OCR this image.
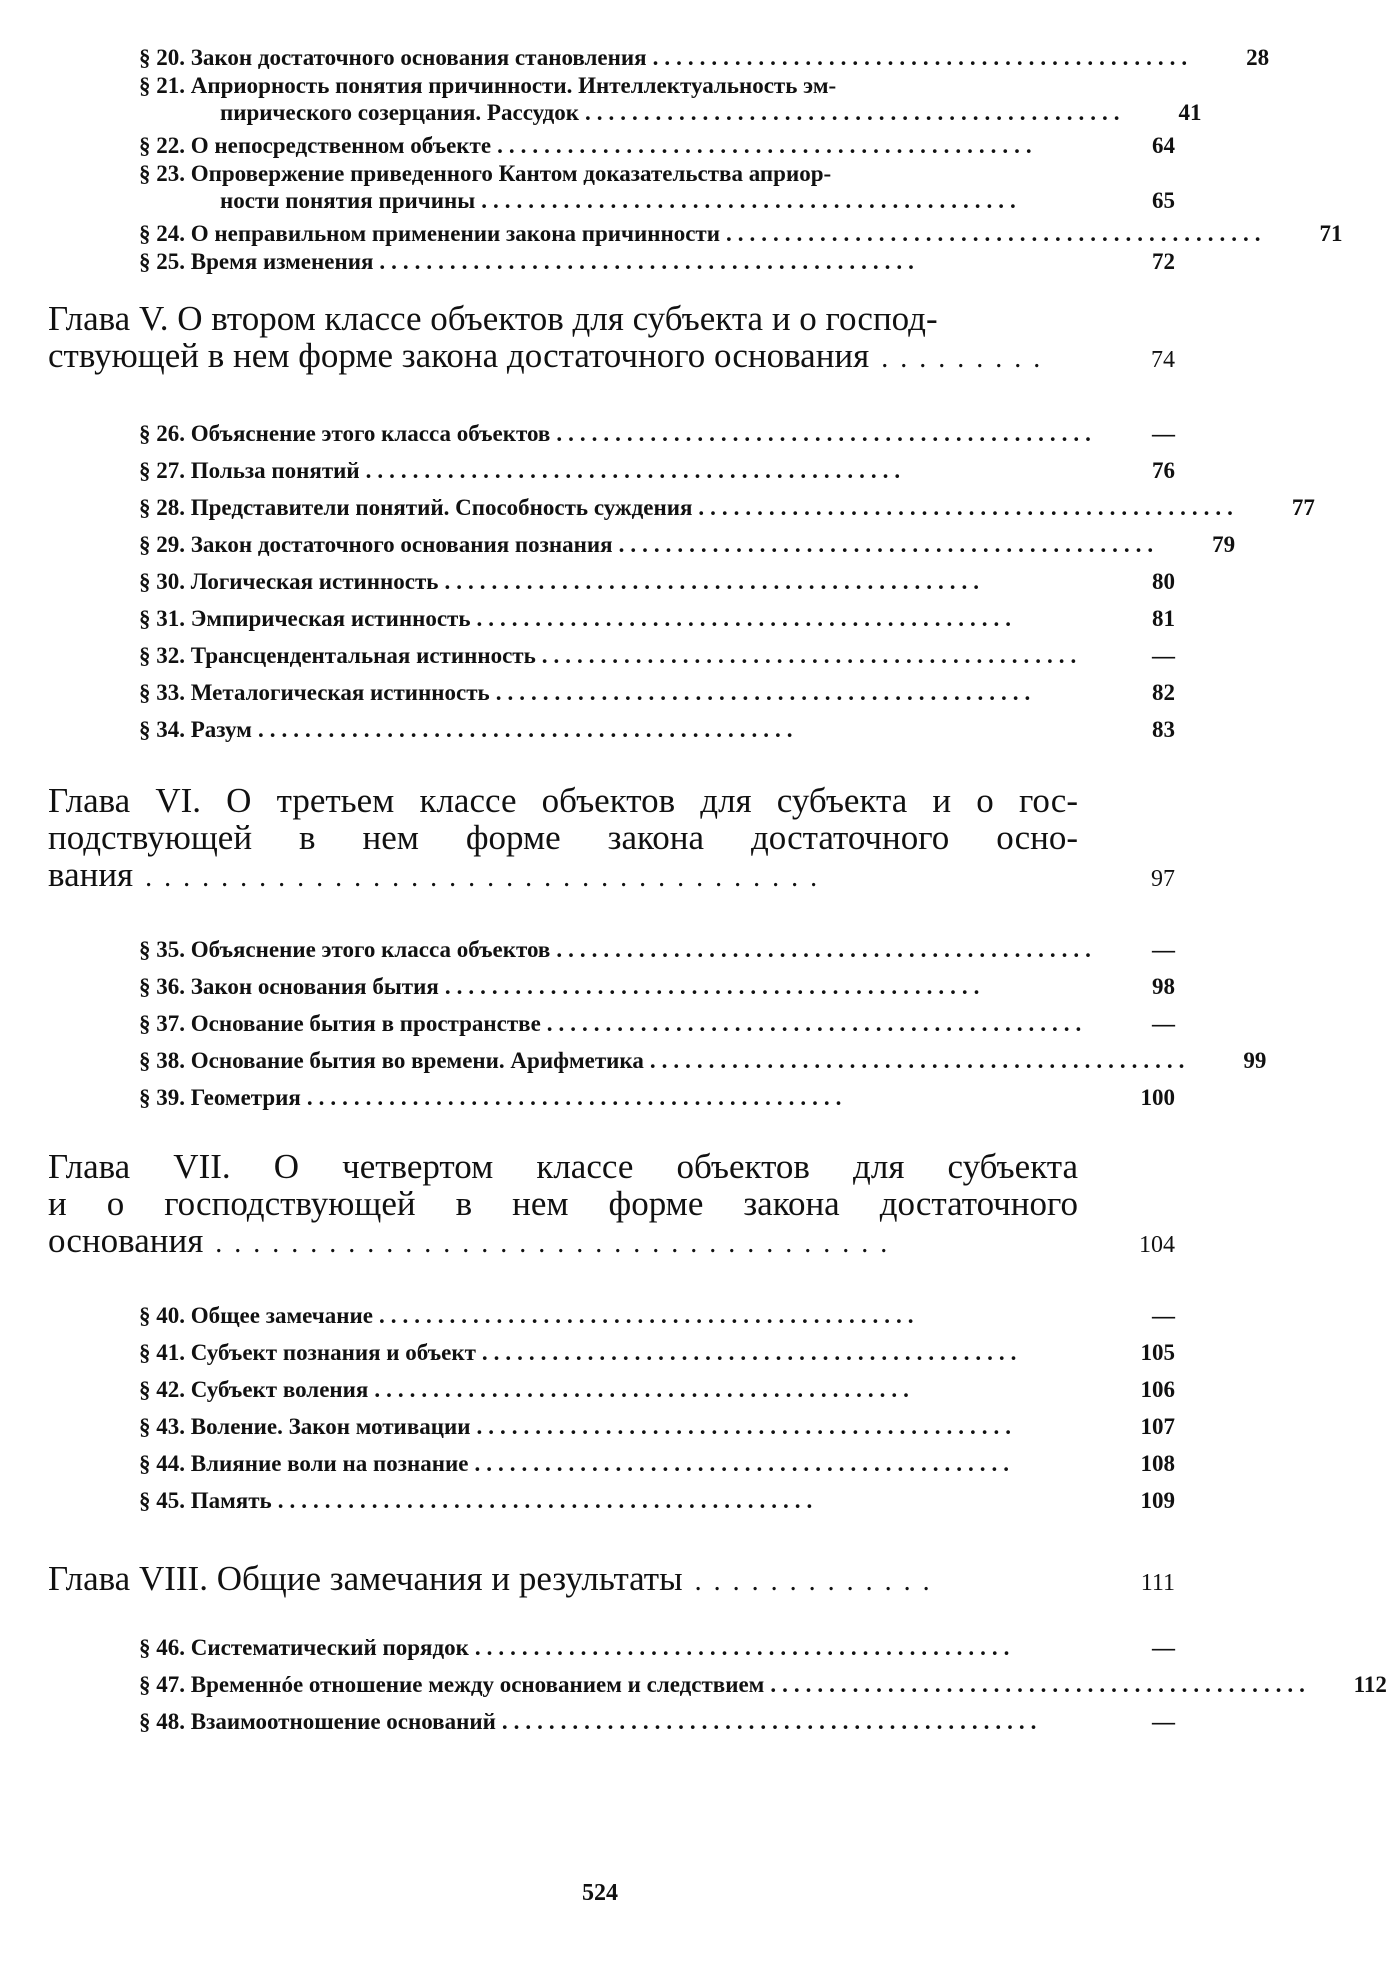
§ 20. Закон достаточного основания становления ..............................................	28
§ 21. Априорность понятия причинности. Интеллектуальность эм-
пирического созерцания. Рассудок ..............................................	41
§ 22. О непосредственном объекте ..............................................	64
§ 23. Опровержение приведенного Кантом доказательства априор-
ности понятия причины ..............................................	65
§ 24. О неправильном применении закона причинности ..............................................	71
§ 25. Время изменения ..............................................	72
Глава V. О втором классе объектов для субъекта и о господ-
ствующей в нем форме закона достаточного основания .........	74
§ 26. Объяснение этого класса объектов ..............................................	—
§ 27. Польза понятий ..............................................	76
§ 28. Представители понятий. Способность суждения ..............................................	77
§ 29. Закон достаточного основания познания ..............................................	79
§ 30. Логическая истинность ..............................................	80
§ 31. Эмпирическая истинность ..............................................	81
§ 32. Трансцендентальная истинность ..............................................	—
§ 33. Металогическая истинность ..............................................	82
§ 34. Разум ..............................................	83
Глава VI. О третьем классе объектов для субъекта и о гос-
подствующей в нем форме закона достаточного осно-
вания ....................................	97
§ 35. Объяснение этого класса объектов ..............................................	—
§ 36. Закон основания бытия ..............................................	98
§ 37. Основание бытия в пространстве ..............................................	—
§ 38. Основание бытия во времени. Арифметика ..............................................	99
§ 39. Геометрия ..............................................	100
Глава VII. О четвертом классе объектов для субъекта
и о господствующей в нем форме закона достаточного
основания ....................................	104
§ 40. Общее замечание ..............................................	—
§ 41. Субъект познания и объект ..............................................	105
§ 42. Субъект воления ..............................................	106
§ 43. Воление. Закон мотивации ..............................................	107
§ 44. Влияние воли на познание ..............................................	108
§ 45. Память ..............................................	109
Глава VIII. Общие замечания и результаты .............	111
§ 46. Систематический порядок ..............................................	—
§ 47. Временнóе отношение между основанием и следствием ..............................................	112
§ 48. Взаимоотношение оснований ..............................................	—
524
